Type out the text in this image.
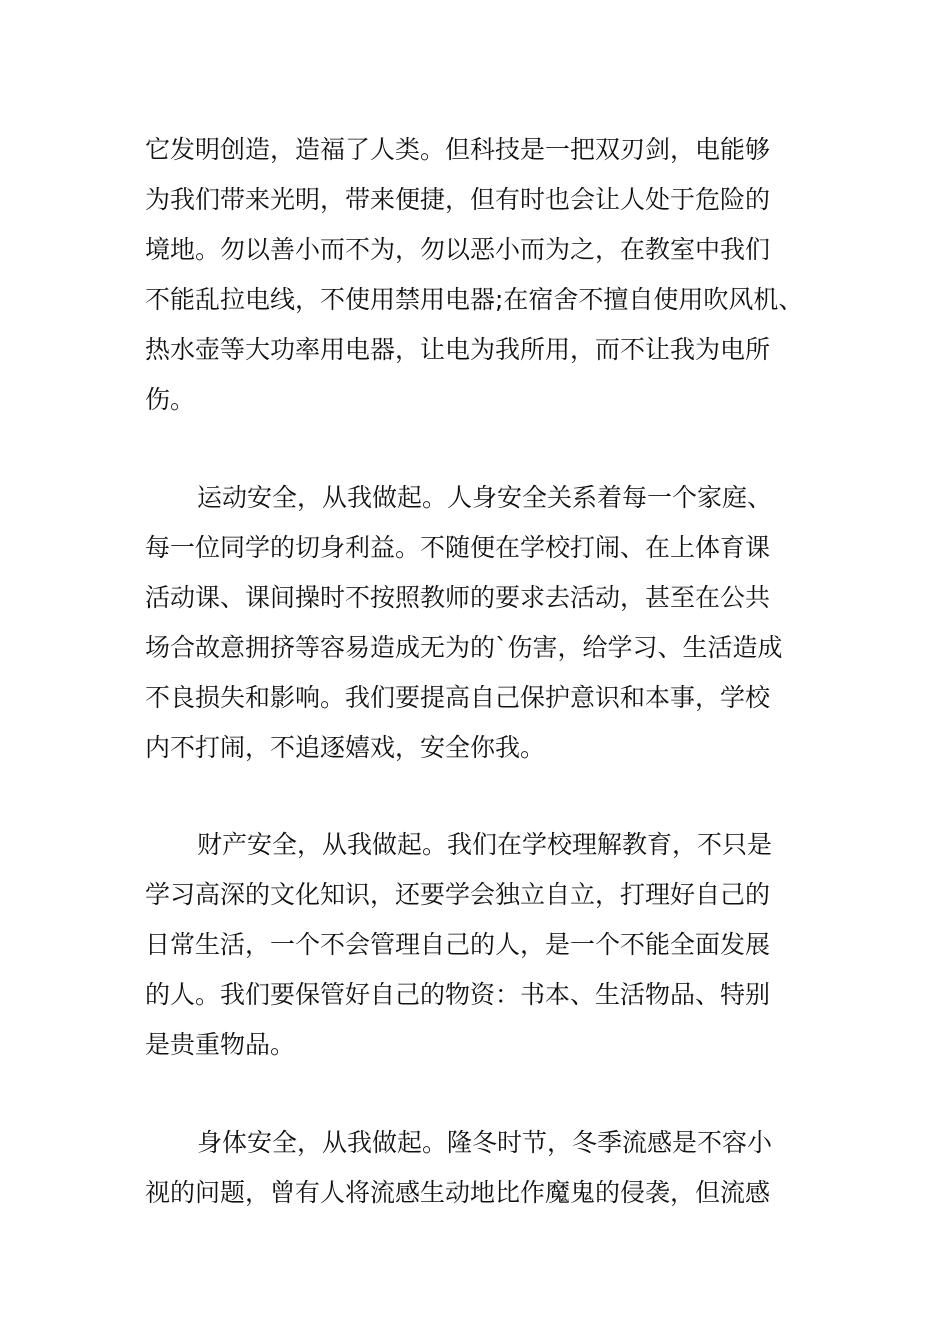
它发明创造，造福了人类。但科技是一把双刃剑，电能够
为我们带来光明，带来便捷，但有时也会让人处于危险的
境地。勿以善小而不为，勿以恶小而为之，在教室中我们
不能乱拉电线，不使用禁用电器;在宿舍不擅自使用吹风机、
热水壶等大功率用电器，让电为我所用，而不让我为电所
伤。
运动安全，从我做起。人身安全关系着每一个家庭、
每一位同学的切身利益。不随便在学校打闹、在上体育课
活动课、课间操时不按照教师的要求去活动，甚至在公共
场合故意拥挤等容易造成无为的`伤害，给学习、生活造成
不良损失和影响。我们要提高自己保护意识和本事，学校
内不打闹，不追逐嬉戏，安全你我。
财产安全，从我做起。我们在学校理解教育，不只是
学习高深的文化知识，还要学会独立自立，打理好自己的
日常生活，一个不会管理自己的人，是一个不能全面发展
的人。我们要保管好自己的物资：书本、生活物品、特别
是贵重物品。
身体安全，从我做起。隆冬时节，冬季流感是不容小
视的问题，曾有人将流感生动地比作魔鬼的侵袭，但流感
